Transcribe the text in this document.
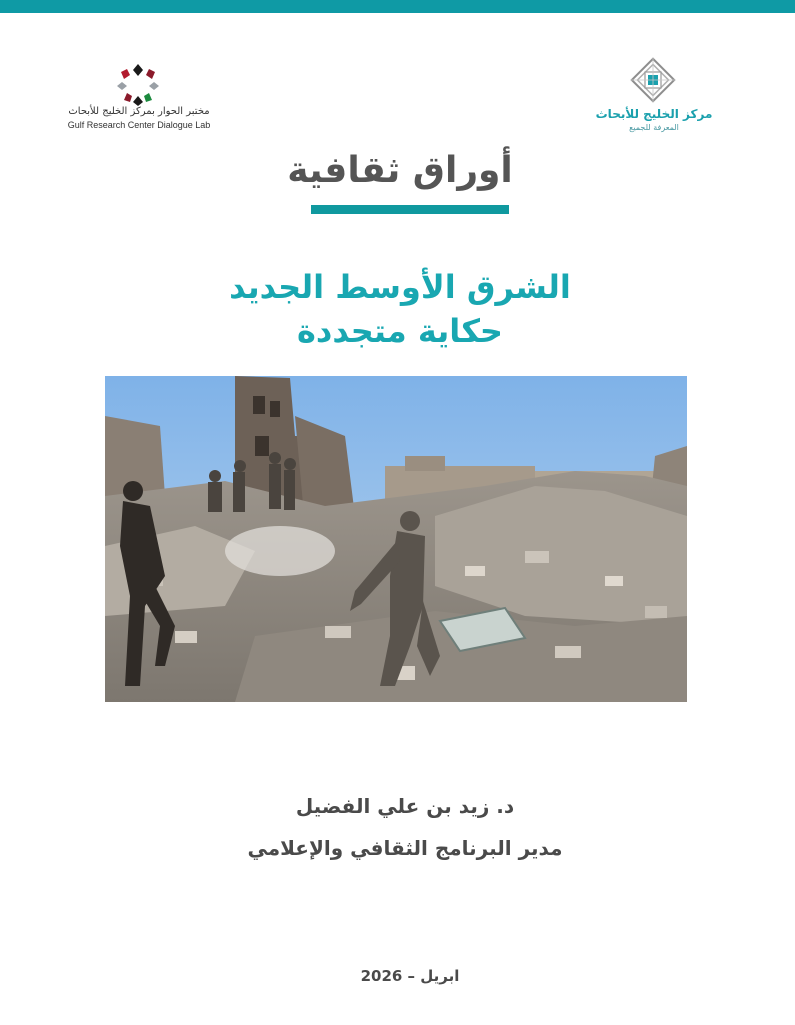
مختبر الحوار بمركز الخليج للأبحاث
Gulf Research Center Dialogue Lab
مركز الخليج للأبحاث
المعرفة للجميع
أوراق ثقافية
الشرق الأوسط الجديد
حكاية متجددة
د. زيد بن علي الفضيل
مدير البرنامج الثقافي والإعلامي
ابريل – 2026
